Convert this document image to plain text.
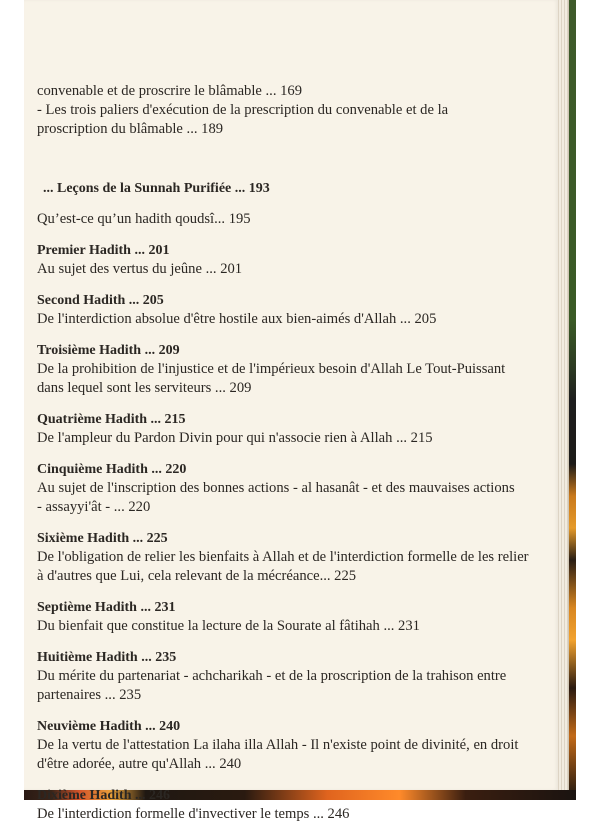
convenable et de proscrire le blâmable ... 169
- Les trois paliers d'exécution de la prescription du convenable et de la
proscription du blâmable ... 189
... Leçons de la Sunnah Purifiée ... 193
Qu’est-ce qu’un hadith qoudsî... 195
Premier Hadith ... 201
Au sujet des vertus du jeûne ... 201
Second Hadith ... 205
De l'interdiction absolue d'être hostile aux bien-aimés d'Allah ... 205
Troisième Hadith ... 209
De la prohibition de l'injustice et de l'impérieux besoin d'Allah Le Tout-Puissant
dans lequel sont les serviteurs ... 209
Quatrième Hadith ... 215
De l'ampleur du Pardon Divin pour qui n'associe rien à Allah ... 215
Cinquième Hadith ... 220
Au sujet de l'inscription des bonnes actions - al hasanât - et des mauvaises actions
- assayyi'ât - ... 220
Sixième Hadith ... 225
De l'obligation de relier les bienfaits à Allah et de l'interdiction formelle de les relier
à d'autres que Lui, cela relevant de la mécréance... 225
Septième Hadith ... 231
Du bienfait que constitue la lecture de la Sourate al fâtihah ... 231
Huitième Hadith ... 235
Du mérite du partenariat - achcharikah - et de la proscription de la trahison entre
partenaires ... 235
Neuvième Hadith ... 240
De la vertu de l'attestation La ilaha illa Allah - Il n'existe point de divinité, en droit
d'être adorée, autre qu'Allah ... 240
Dixième Hadith ... 246
De l'interdiction formelle d'invectiver le temps ... 246
